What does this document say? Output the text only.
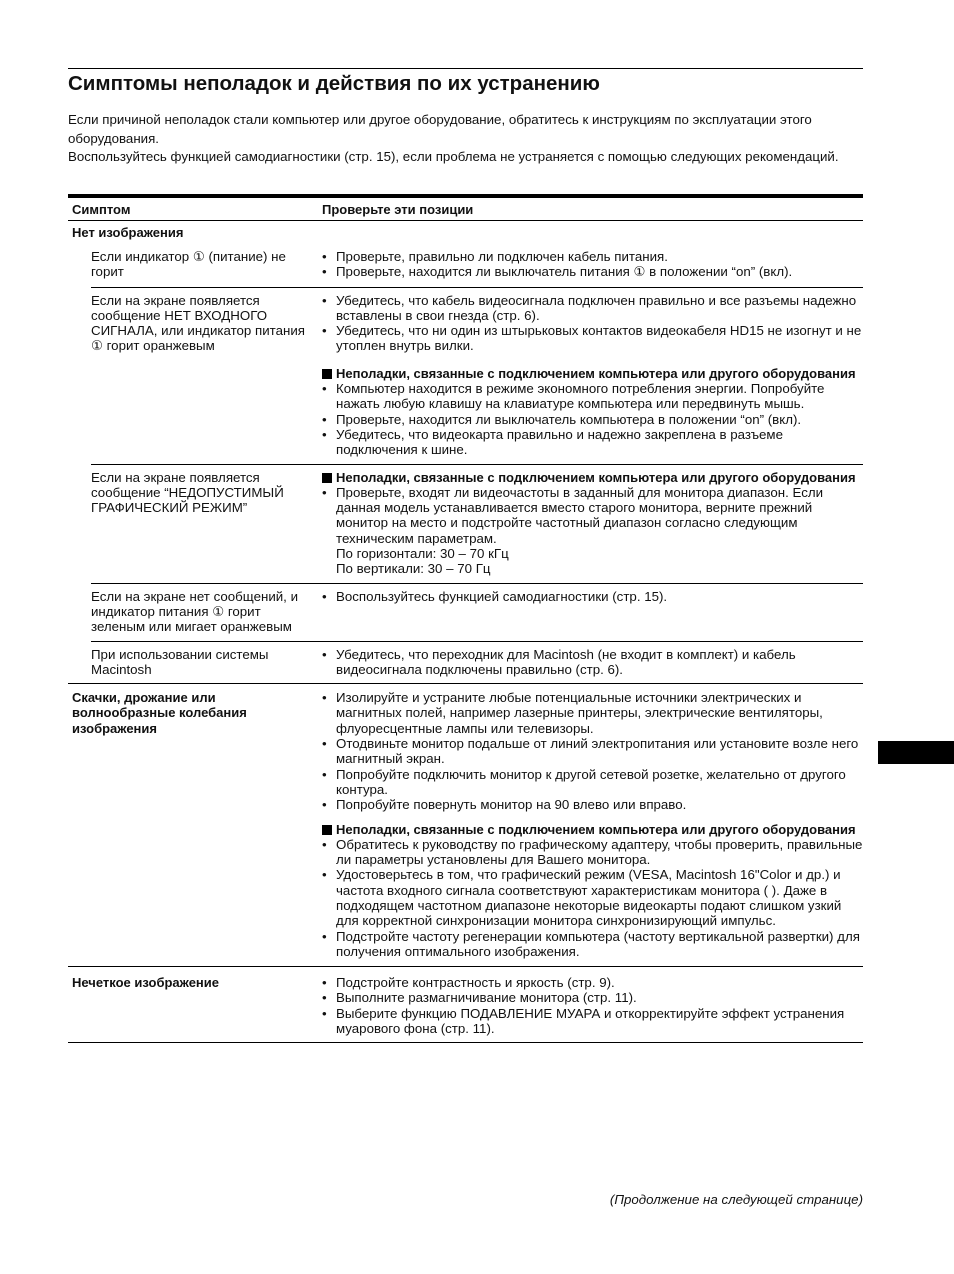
Симптомы неполадок и действия по их устранению

Если причиной неполадок стали компьютер или другое оборудование, обратитесь к инструкциям по эксплуатации этого оборудования.

Воспользуйтесь функцией самодиагностики (стр. 15), если проблема не устраняется с помощью следующих рекомендаций.

Симптом	Проверьте эти позиции
Нет изображения
Если индикатор ① (питание) не горит
• Проверьте, правильно ли подключен кабель питания.
• Проверьте, находится ли выключатель питания ① в положении “on” (вкл).
Если на экране появляется сообщение НЕТ ВХОДНОГО СИГНАЛА, или индикатор питания ① горит оранжевым
• Убедитесь, что кабель видеосигнала подключен правильно и все разъемы надежно вставлены в свои гнезда (стр. 6).
• Убедитесь, что ни один из штырьковых контактов видеокабеля HD15 не изогнут и не утоплен внутрь вилки.
Неполадки, связанные с подключением компьютера или другого оборудования
• Компьютер находится в режиме экономного потребления энергии. Попробуйте нажать любую клавишу на клавиатуре компьютера или передвинуть мышь.
• Проверьте, находится ли выключатель компьютера в положении “on” (вкл).
• Убедитесь, что видеокарта правильно и надежно закреплена в разъеме подключения к шине.
Если на экране появляется сообщение “НЕДОПУСТИМЫЙ ГРАФИЧЕСКИЙ РЕЖИМ”
Неполадки, связанные с подключением компьютера или другого оборудования
• Проверьте, входят ли видеочастоты в заданный для монитора диапазон. Если данная модель устанавливается вместо старого монитора, верните прежний монитор на место и подстройте частотный диапазон согласно следующим техническим параметрам.
По горизонтали: 30 – 70 кГц
По вертикали: 30 – 70 Гц
Если на экране нет сообщений, и индикатор питания ① горит зеленым или мигает оранжевым
• Воспользуйтесь функцией самодиагностики (стр. 15).
При использовании системы Macintosh
• Убедитесь, что переходник для Macintosh (не входит в комплект) и кабель видеосигнала подключены правильно (стр. 6).
Скачки, дрожание или волнообразные колебания изображения
• Изолируйте и устраните любые потенциальные источники электрических и магнитных полей, например лазерные принтеры, электрические вентиляторы, флуоресцентные лампы или телевизоры.
• Отодвиньте монитор подальше от линий электропитания или установите возле него магнитный экран.
• Попробуйте подключить монитор к другой сетевой розетке, желательно от другого контура.
• Попробуйте повернуть монитор на 90 влево или вправо.
Неполадки, связанные с подключением компьютера или другого оборудования
• Обратитесь к руководству по графическому адаптеру, чтобы проверить, правильные ли параметры установлены для Вашего монитора.
• Удостоверьтесь в том, что графический режим (VESA, Macintosh 16"Color и др.) и частота входного сигнала соответствуют характеристикам монитора ( ). Даже в подходящем частотном диапазоне некоторые видеокарты подают слишком узкий для корректной синхронизации монитора синхронизирующий импульс.
• Подстройте частоту регенерации компьютера (частоту вертикальной развертки) для получения оптимального изображения.
Нечеткое изображение
•	Подстройте контрастность и яркость (стр. 9).
• Выполните размагничивание монитора (стр. 11).
• Выберите функцию ПОДАВЛЕНИЕ МУАРА и откорректируйте эффект устранения муарового фона (стр. 11).
(Продолжение на следующей странице)
